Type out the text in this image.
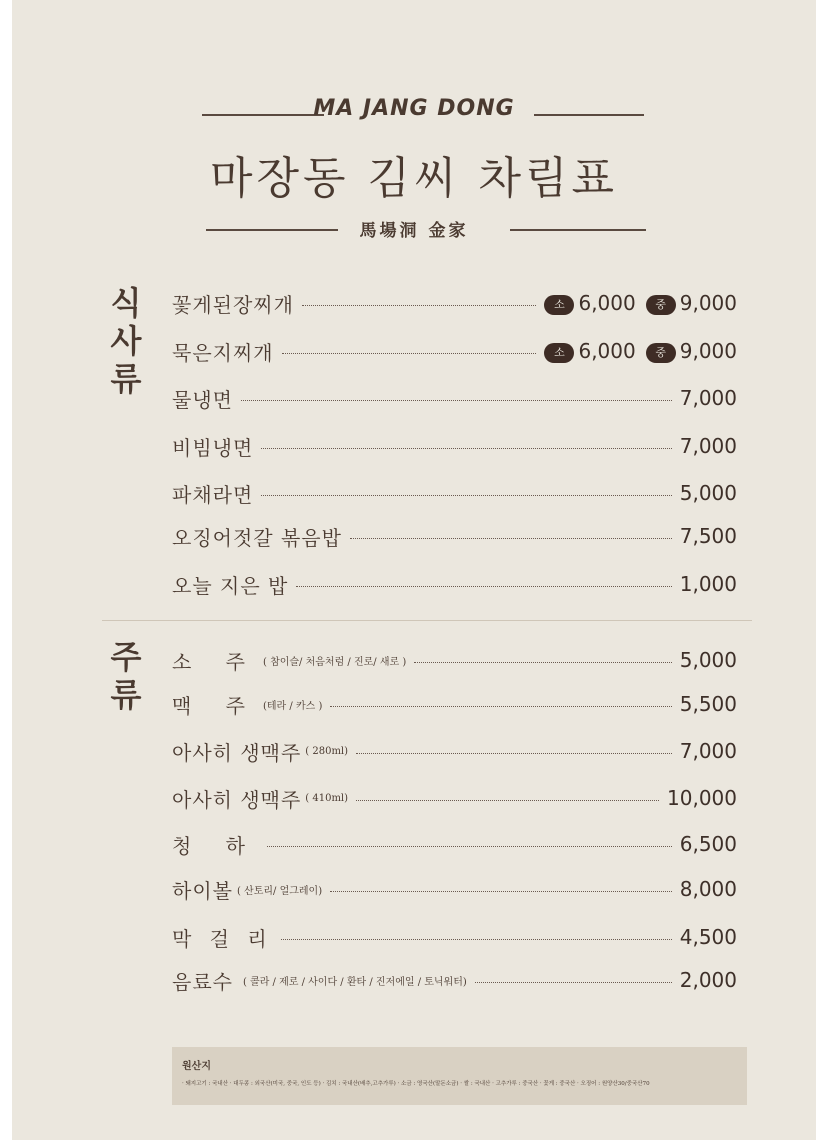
MA JANG DONG
마장동 김씨 차림표
馬場洞 金家
식
사
류
꽃게된장찌개	소 6,000	중 9,000
묵은지찌개	소 6,000	중 9,000
물냉면	7,000
비빔냉면	7,000
파채라면	5,000
오징어젓갈 볶음밥	7,500
오늘 지은 밥	1,000
주
류
소 주 ( 참이슬/ 처음처럼 / 진로/ 새로 )	5,000
맥 주 (테라 / 카스 )	5,500
아사히 생맥주 ( 280ml)	7,000
아사히 생맥주 ( 410ml)	10,000
청 하	6,500
하이볼 ( 산토리/ 얼그레이)	8,000
막 걸 리	4,500
음료수 ( 콜라 / 제로 / 사이다 / 환타 / 진저에일 / 토닉워터)	2,000
원산지
· 돼지고기 : 국내산 · 대두콩 : 외국산(미국, 중국, 인도 등) · 김치 : 국내산(배추,고추가루) · 소금 : 영국산(말돈소금) · 쌀 : 국내산 · 고추가루 : 중국산 · 꽃게 : 중국산 · 오징어 : 원양산30/중국산70
